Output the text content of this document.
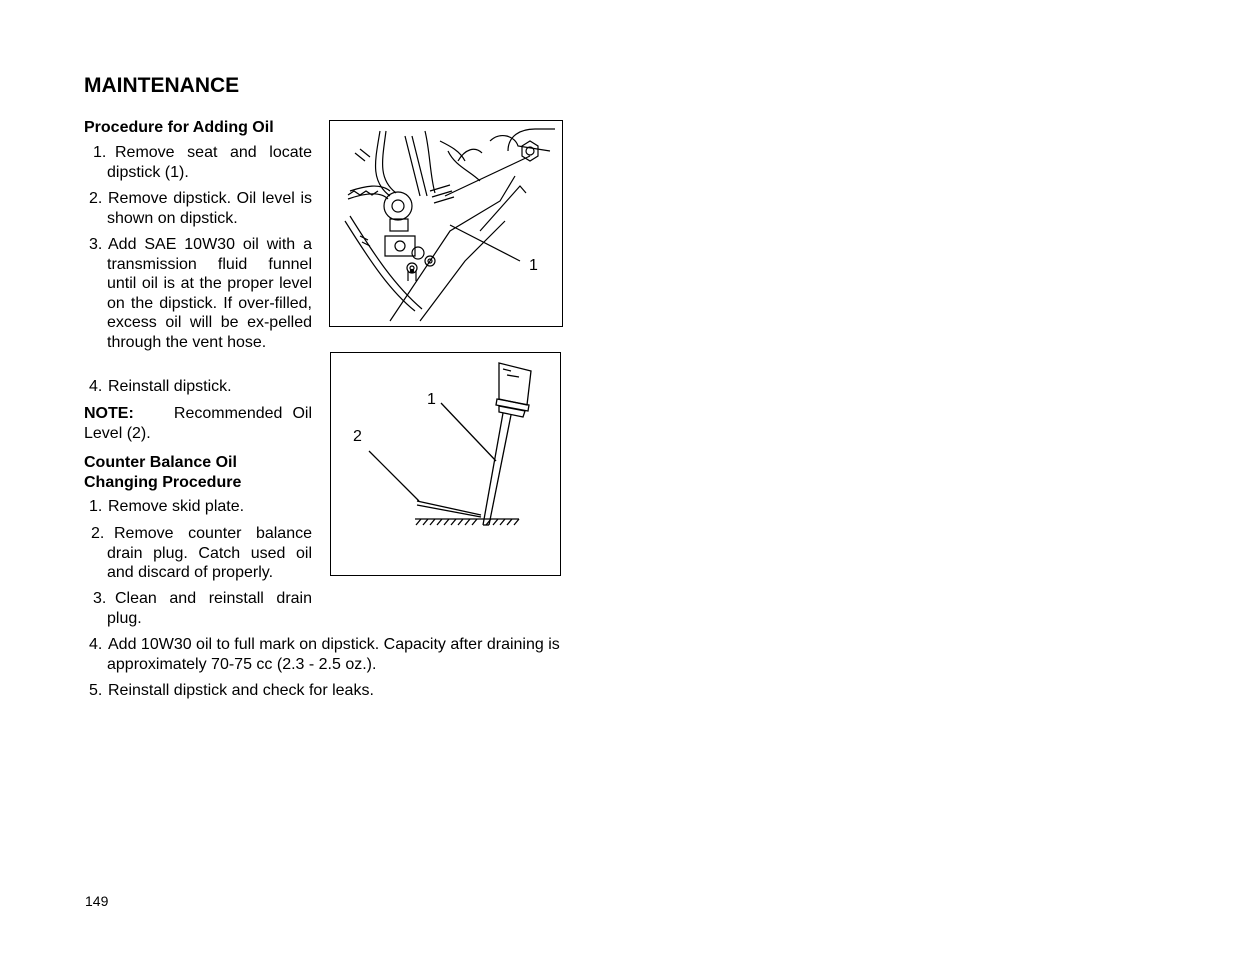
MAINTENANCE
Procedure for Adding Oil
1. Remove seat and locate dipstick (1).
2. Remove dipstick. Oil level is shown on dipstick.
3. Add SAE 10W30 oil with a transmission fluid funnel until oil is at the proper level on the dipstick. If over-filled, excess oil will be ex-pelled through the vent hose.
4. Reinstall dipstick.
NOTE:	Recommended Oil Level (2).
Counter Balance Oil
Changing Procedure
1. Remove skid plate.
2. Remove counter balance drain plug. Catch used oil and discard of properly.
3. Clean and reinstall drain plug.
4. Add 10W30 oil to full mark on dipstick. Capacity after draining is approximately 70-75 cc (2.3 - 2.5 oz.).
5. Reinstall dipstick and check for leaks.
1
1
2
149
